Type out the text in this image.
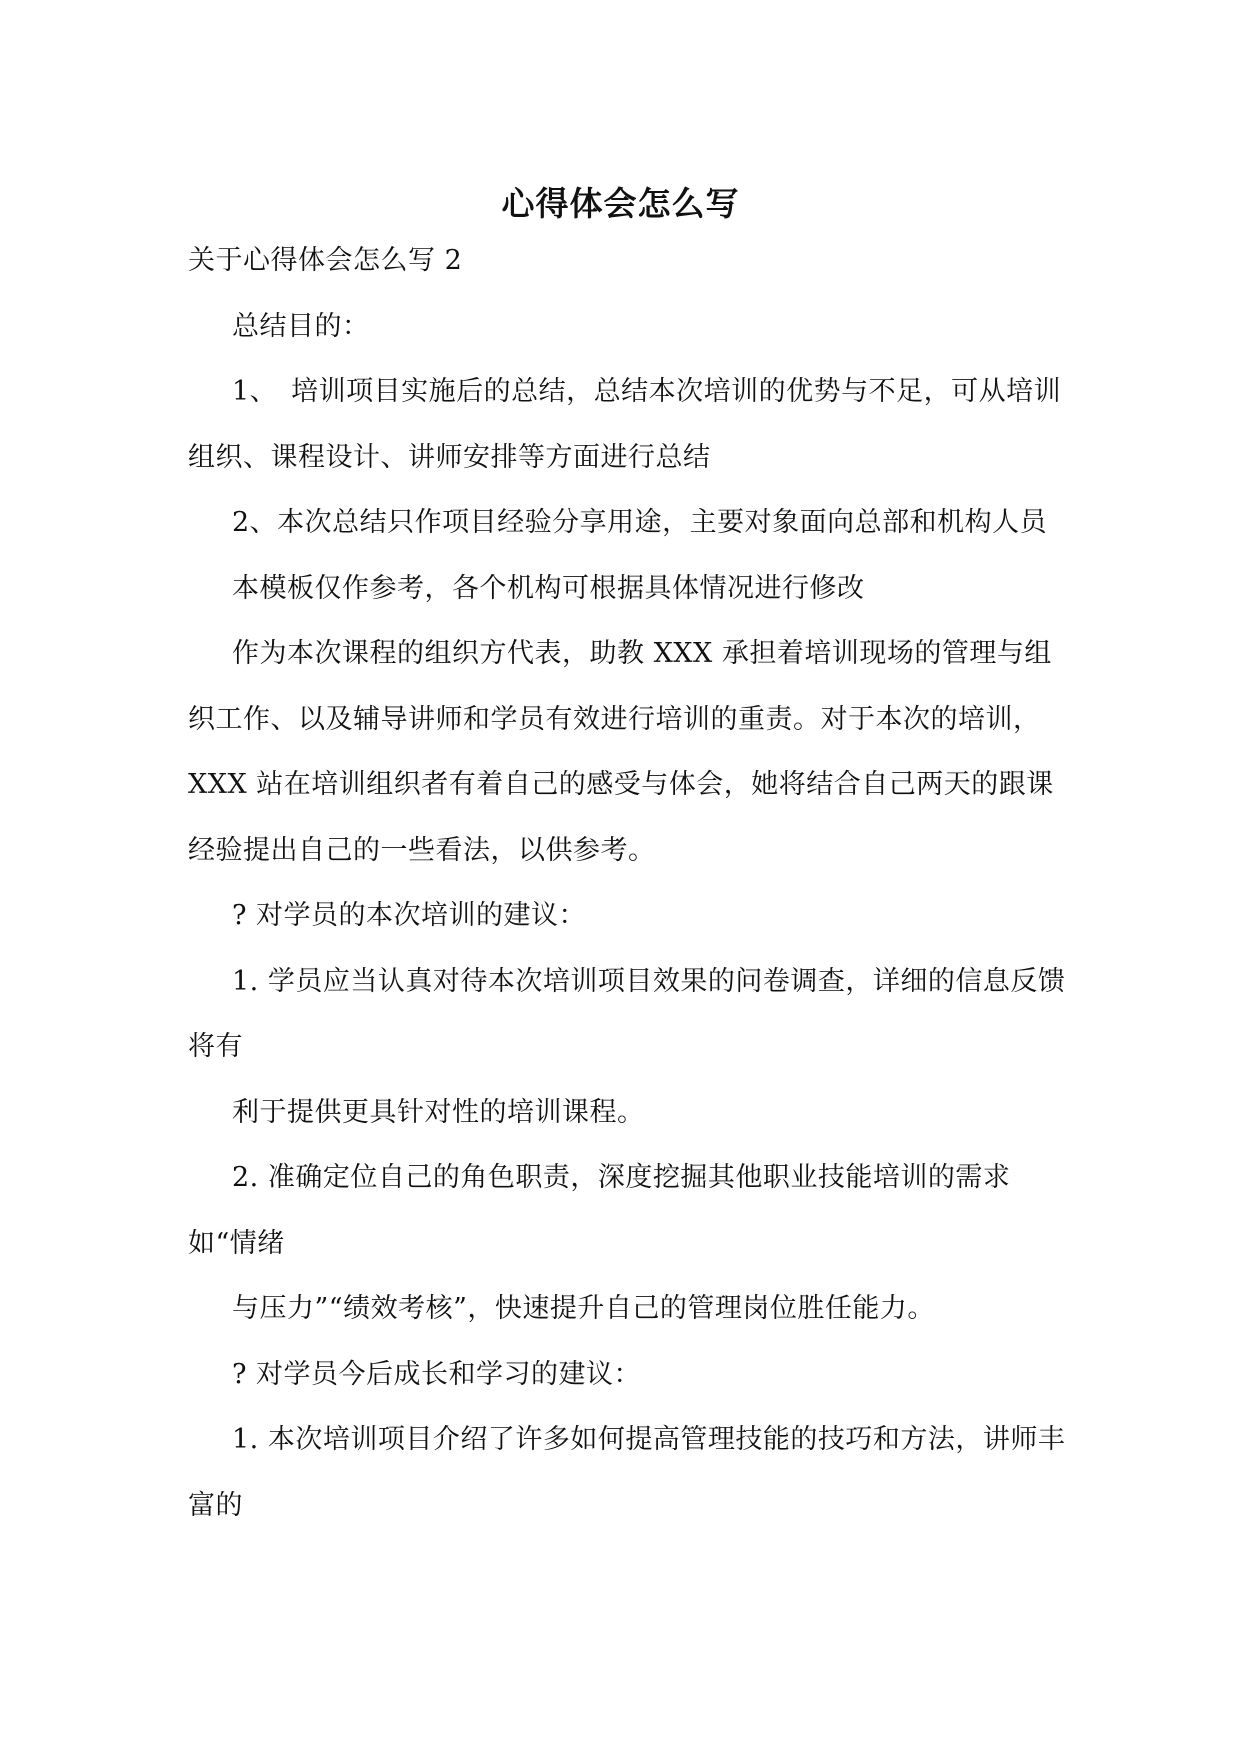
心得体会怎么写

关于心得体会怎么写 2

总结目的：

1、　培训项目实施后的总结，总结本次培训的优势与不足，可从培训组织、课程设计、讲师安排等方面进行总结

2、本次总结只作项目经验分享用途，主要对象面向总部和机构人员

本模板仅作参考，各个机构可根据具体情况进行修改

作为本次课程的组织方代表，助教 XXX 承担着培训现场的管理与组织工作、以及辅导讲师和学员有效进行培训的重责。对于本次的培训，XXX 站在培训组织者有着自己的感受与体会，她将结合自己两天的跟课经验提出自己的一些看法，以供参考。

? 对学员的本次培训的建议：

1. 学员应当认真对待本次培训项目效果的问卷调查，详细的信息反馈将有

利于提供更具针对性的培训课程。

2. 准确定位自己的角色职责，深度挖掘其他职业技能培训的需求如“情绪

与压力”“绩效考核”，快速提升自己的管理岗位胜任能力。

? 对学员今后成长和学习的建议：

1. 本次培训项目介绍了许多如何提高管理技能的技巧和方法，讲师丰富的
